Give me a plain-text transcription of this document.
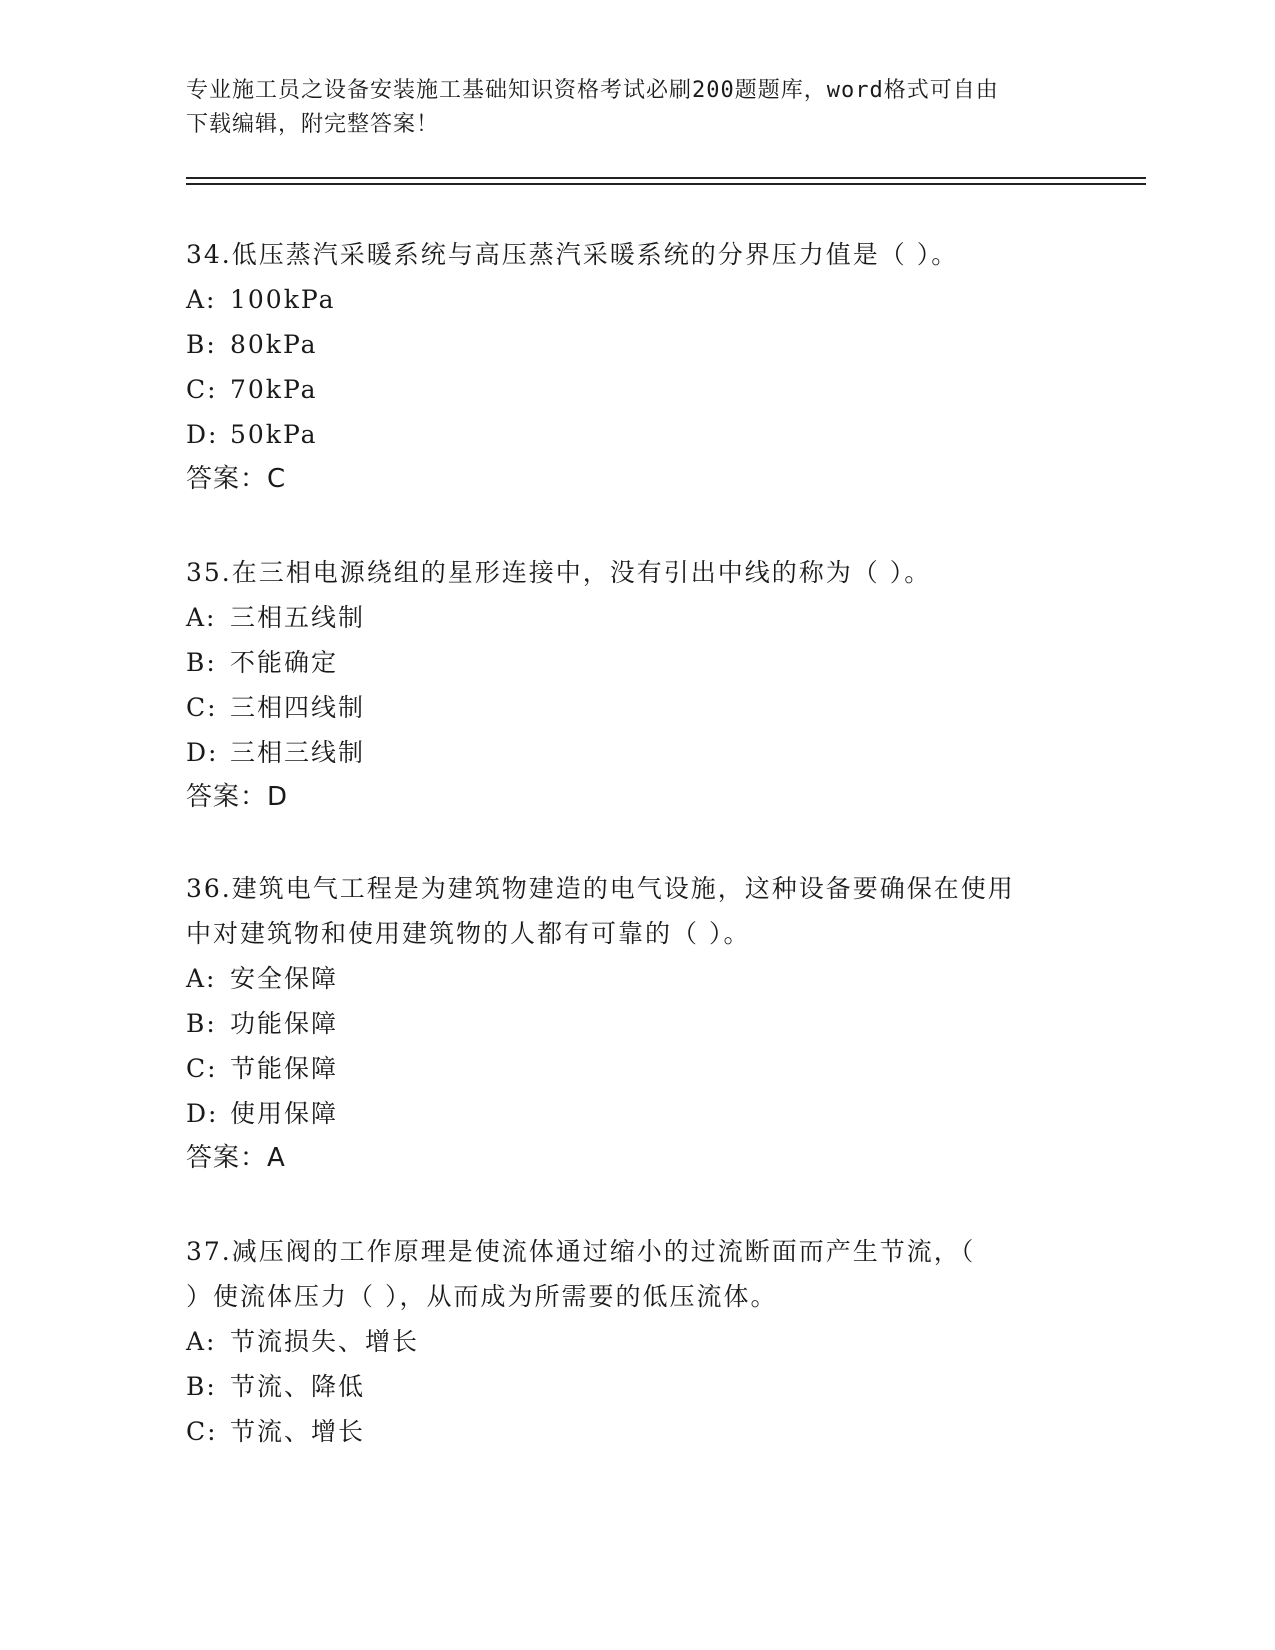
专业施工员之设备安装施工基础知识资格考试必刷200题题库，word格式可自由
下载编辑，附完整答案！

34.低压蒸汽采暖系统与高压蒸汽采暖系统的分界压力值是（ ）。

A: 100kPa
B: 80kPa
C: 70kPa
D: 50kPa
答案：C

35.在三相电源绕组的星形连接中，没有引出中线的称为（ ）。

A: 三相五线制
B: 不能确定
C: 三相四线制
D: 三相三线制
答案：D
36.建筑电气工程是为建筑物建造的电气设施，这种设备要确保在使用
中对建筑物和使用建筑物的人都有可靠的（ ）。
A: 安全保障
B: 功能保障
C: 节能保障
D: 使用保障
答案：A
37.减压阀的工作原理是使流体通过缩小的过流断面而产生节流，（
）使流体压力（ ），从而成为所需要的低压流体。
A: 节流损失、增长
B: 节流、降低
C: 节流、增长
